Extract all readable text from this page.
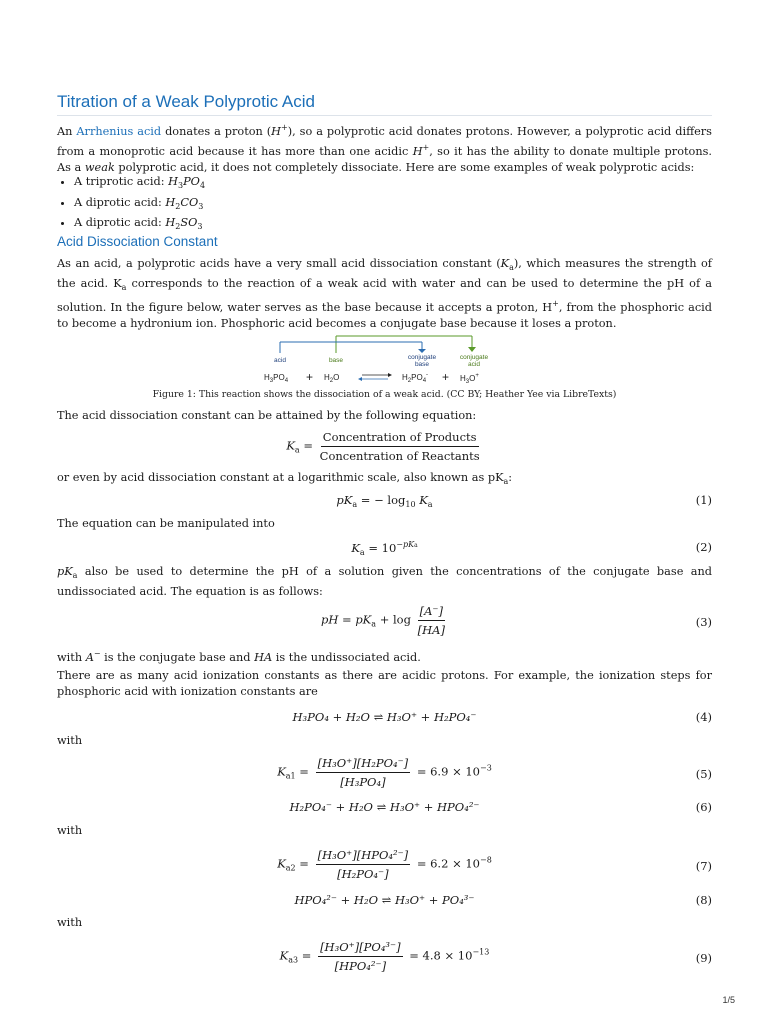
Titration of a Weak Polyprotic Acid

An Arrhenius acid donates a proton (H+), so a polyprotic acid donates protons. However, a polyprotic acid differs from a monoprotic acid because it has more than one acidic H+, so it has the ability to donate multiple protons. As a weak polyprotic acid, it does not completely dissociate. Here are some examples of weak polyprotic acids:

• A triprotic acid: $H_3PO_4$
• A diprotic acid: $H_2CO_3$
• A diprotic acid: $H_2SO_3$
Acid Dissociation Constant

As an acid, a polyprotic acids have a very small acid dissociation constant $(K_a)$, which measures the strength of the acid. $K_a$ corresponds to the reaction of a weak acid with water and can be used to determine the pH of a solution. In the figure below, water serves as the base because it accepts a proton, H+, from the phosphoric acid to become a hydronium ion. Phosphoric acid becomes a conjugate base because it loses a proton.

acid	base	conjugate
base
conjugate
acid
$H_3PO_4 + H_2O$	$H_2PO_4^- + H_3O^+$
Figure 1: This reaction shows the dissociation of a weak acid. (CC BY; Heather Yee via LibreTexts)

The acid dissociation constant can be attained by the following equation:

$K_a = \frac{\text{Concentration of Products}}{\text{Concentration of Reactants}}$

or even by acid dissociation constant at a logarithmic scale, also known as $pK_a$:

$pK_a$ = − $\log_{10} K_a$	(1)

The equation can be manipulated into

$K_a = 10^{-pKa}$	(2)

$pK_a$ also be used to determine the pH of a solution given the concentrations of the conjugate base and undissociated acid. The equation is as follows:

pH = $pK_a + \log \frac{[A^-]}{[HA]}$	(3)

with A− is the conjugate base and HA is the undissociated acid.

There are as many acid ionization constants as there are acidic protons. For example, the ionization steps for phosphoric acid with ionization constants are

H₃PO₄ + H₂O ⇌ H₃O⁺ + H₂PO₄⁻	(4)

with

$K_{a1} = \frac{\text{[H₃O⁺][H₂PO₄⁻]}}{\text{[H₃PO₄]}} = 6.9 \times 10^{-3}$	(5)
H₂PO₄⁻ + H₂O ⇌ H₃O⁺ + HPO₄²⁻	(6)

with

$K_{a2} = \frac{\text{[H₃O⁺][HPO₄²⁻]}}{\text{[H₂PO₄⁻]}} = 6.2 \times 10^{-8}$	(7)
HPO₄²⁻ + H₂O ⇌ H₃O⁺ + PO₄³⁻	(8)

with

$K_{a3} = \frac{\text{[H₃O⁺][PO₄³⁻]}}{\text{[HPO₄²⁻]}} = 4.8 \times 10^{-13}$	(9)
1/5
